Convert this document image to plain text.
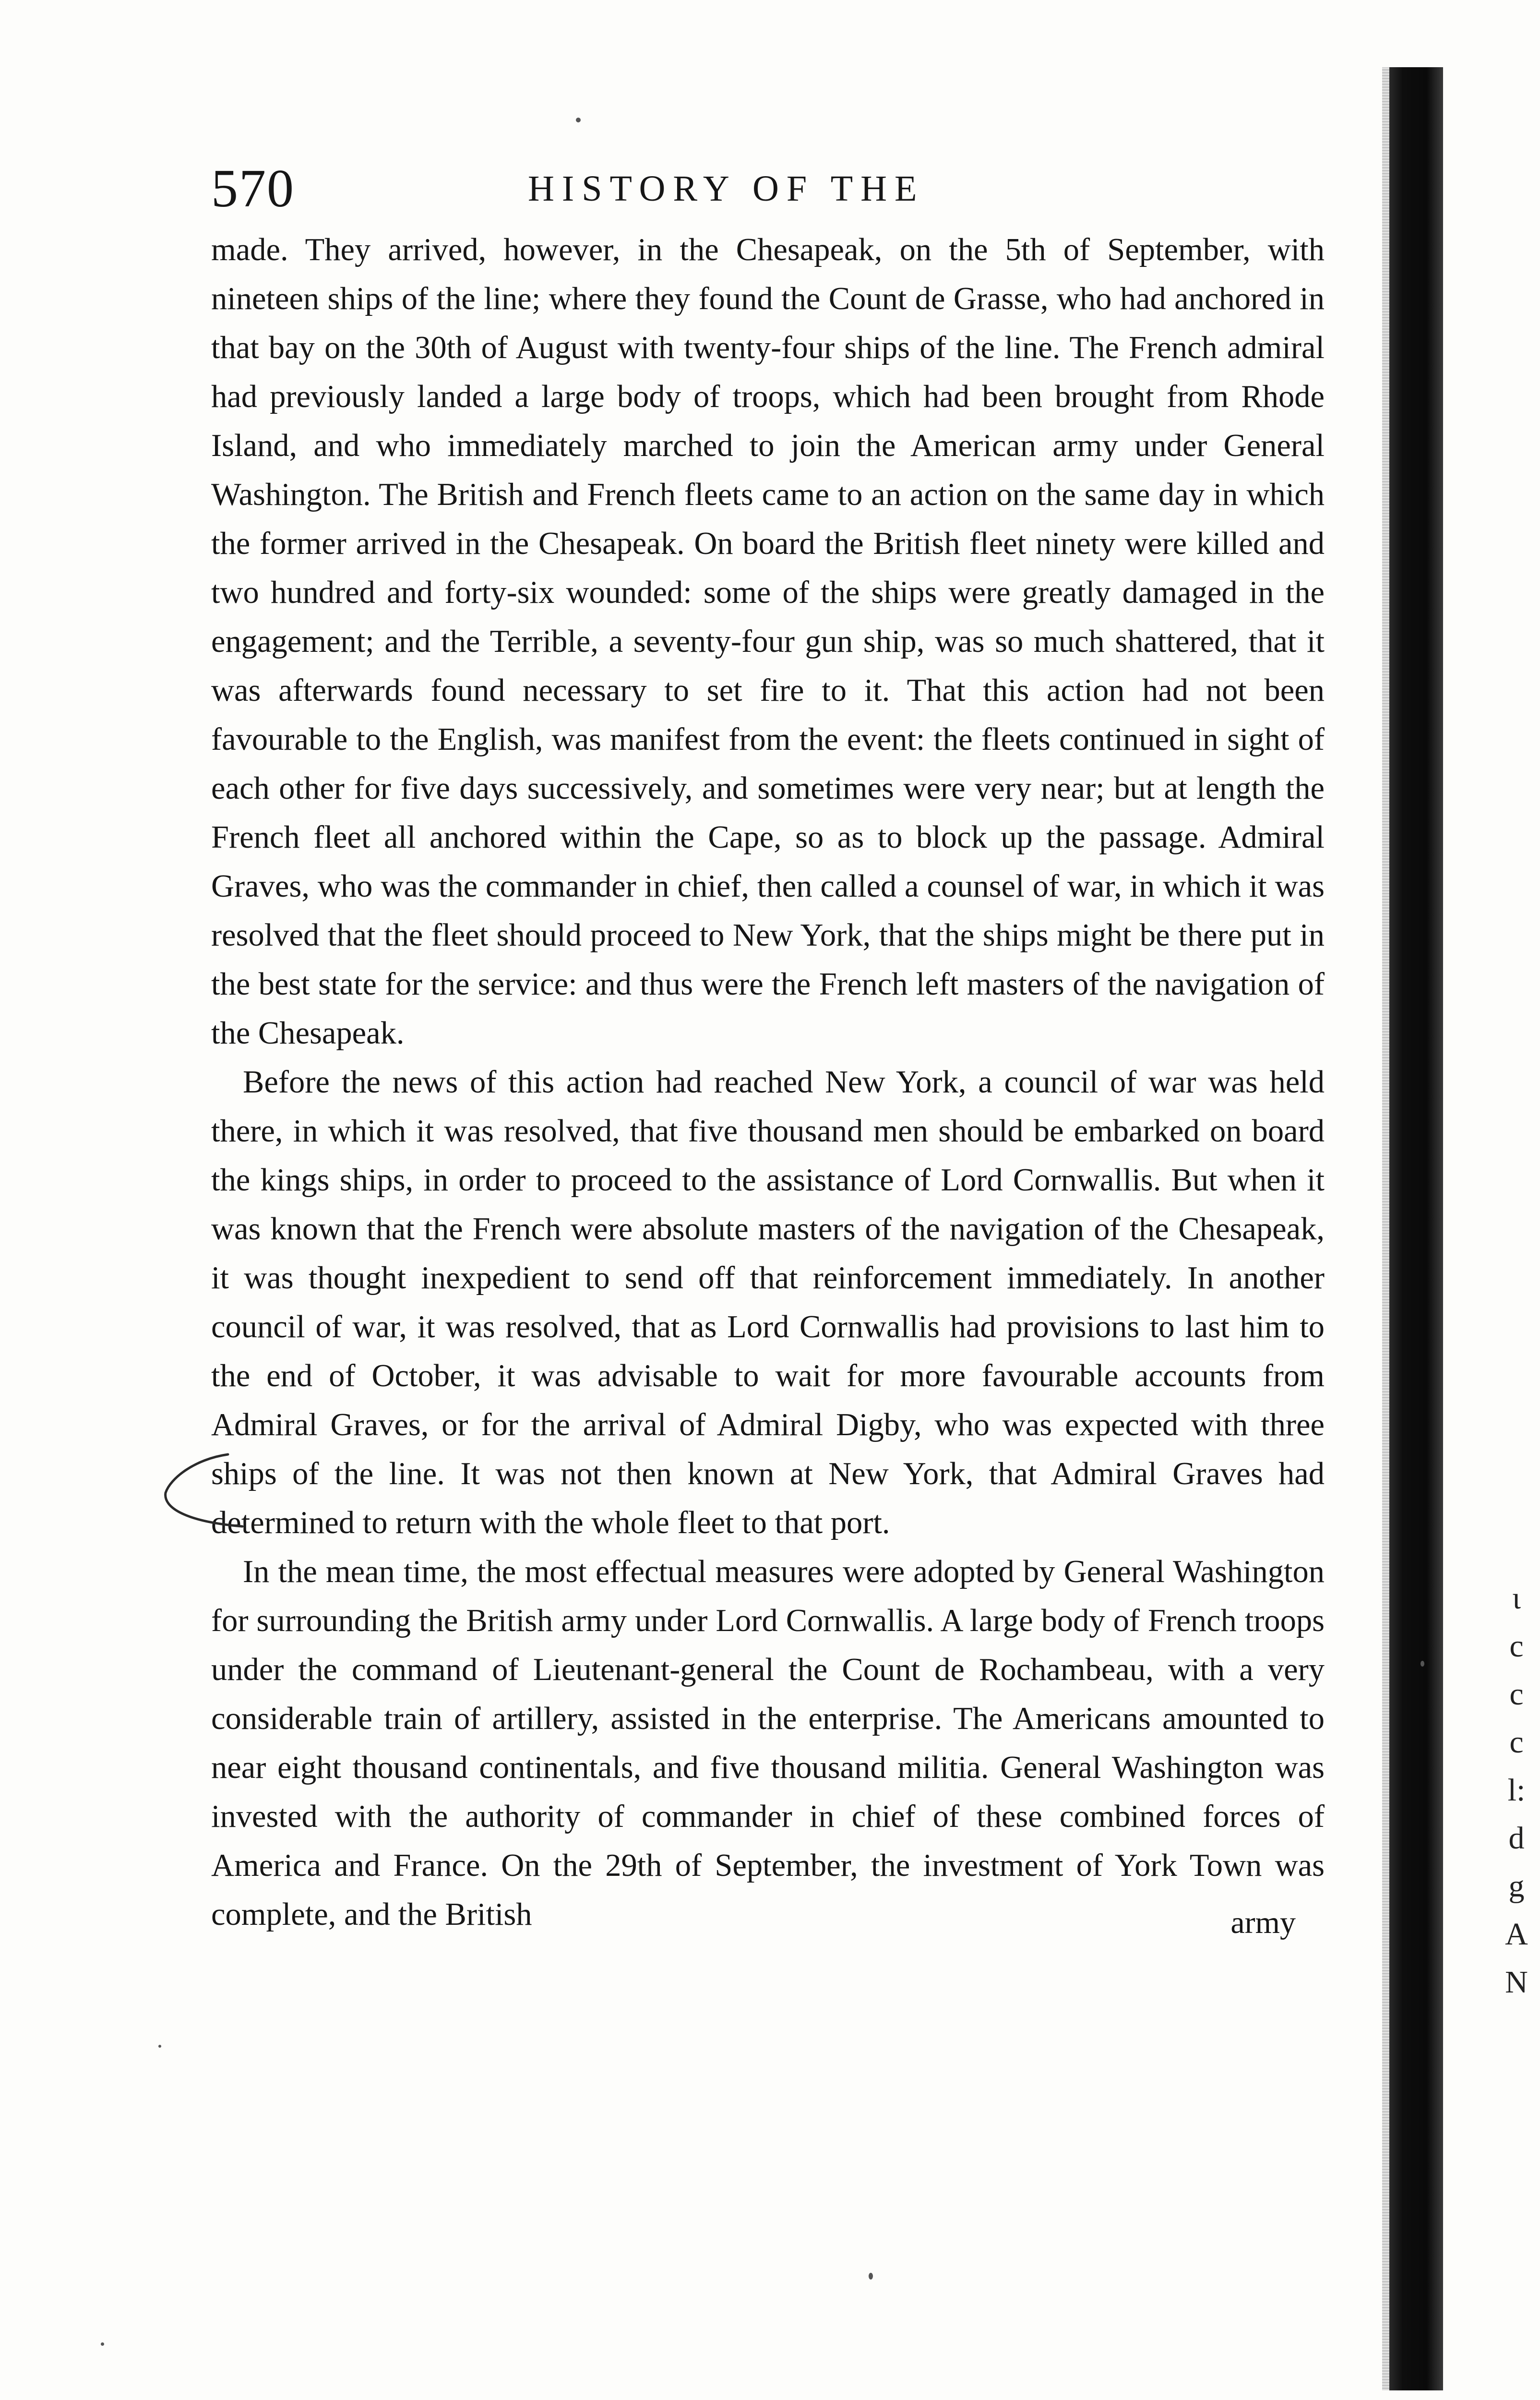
570	HISTORY OF THE

made. They arrived, however, in the Chesapeak, on the 5th of September, with nineteen ships of the line; where they found the Count de Grasse, who had anchored in that bay on the 30th of August with twenty-four ships of the line. The French admiral had previously landed a large body of troops, which had been brought from Rhode Island, and who immediately marched to join the American army under General Washington. The British and French fleets came to an action on the same day in which the former arrived in the Chesapeak. On board the British fleet ninety were killed and two hundred and forty-six wounded: some of the ships were greatly damaged in the engagement; and the Terrible, a seventy-four gun ship, was so much shattered, that it was afterwards found necessary to set fire to it. That this action had not been favourable to the English, was manifest from the event: the fleets continued in sight of each other for five days successively, and sometimes were very near; but at length the French fleet all anchored within the Cape, so as to block up the passage. Admiral Graves, who was the commander in chief, then called a counsel of war, in which it was resolved that the fleet should proceed to New York, that the ships might be there put in the best state for the service: and thus were the French left masters of the navigation of the Chesapeak.

Before the news of this action had reached New York, a council of war was held there, in which it was resolved, that five thousand men should be embarked on board the kings ships, in order to proceed to the assistance of Lord Cornwallis. But when it was known that the French were absolute masters of the navigation of the Chesapeak, it was thought inexpedient to send off that reinforcement immediately. In another council of war, it was resolved, that as Lord Cornwallis had provisions to last him to the end of October, it was advisable to wait for more favourable accounts from Admiral Graves, or for the arrival of Admiral Digby, who was expected with three ships of the line. It was not then known at New York, that Admiral Graves had determined to return with the whole fleet to that port.

In the mean time, the most effectual measures were adopted by General Washington for surrounding the British army under Lord Cornwallis. A large body of French troops under the command of Lieutenant-general the Count de Rochambeau, with a very considerable train of artillery, assisted in the enterprise. The Americans amounted to near eight thousand continentals, and five thousand militia. General Washington was invested with the authority of commander in chief of these combined forces of America and France. On the 29th of September, the investment of York Town was complete, and the British	army
ι
c
c
c
l:
d
g
A
N
